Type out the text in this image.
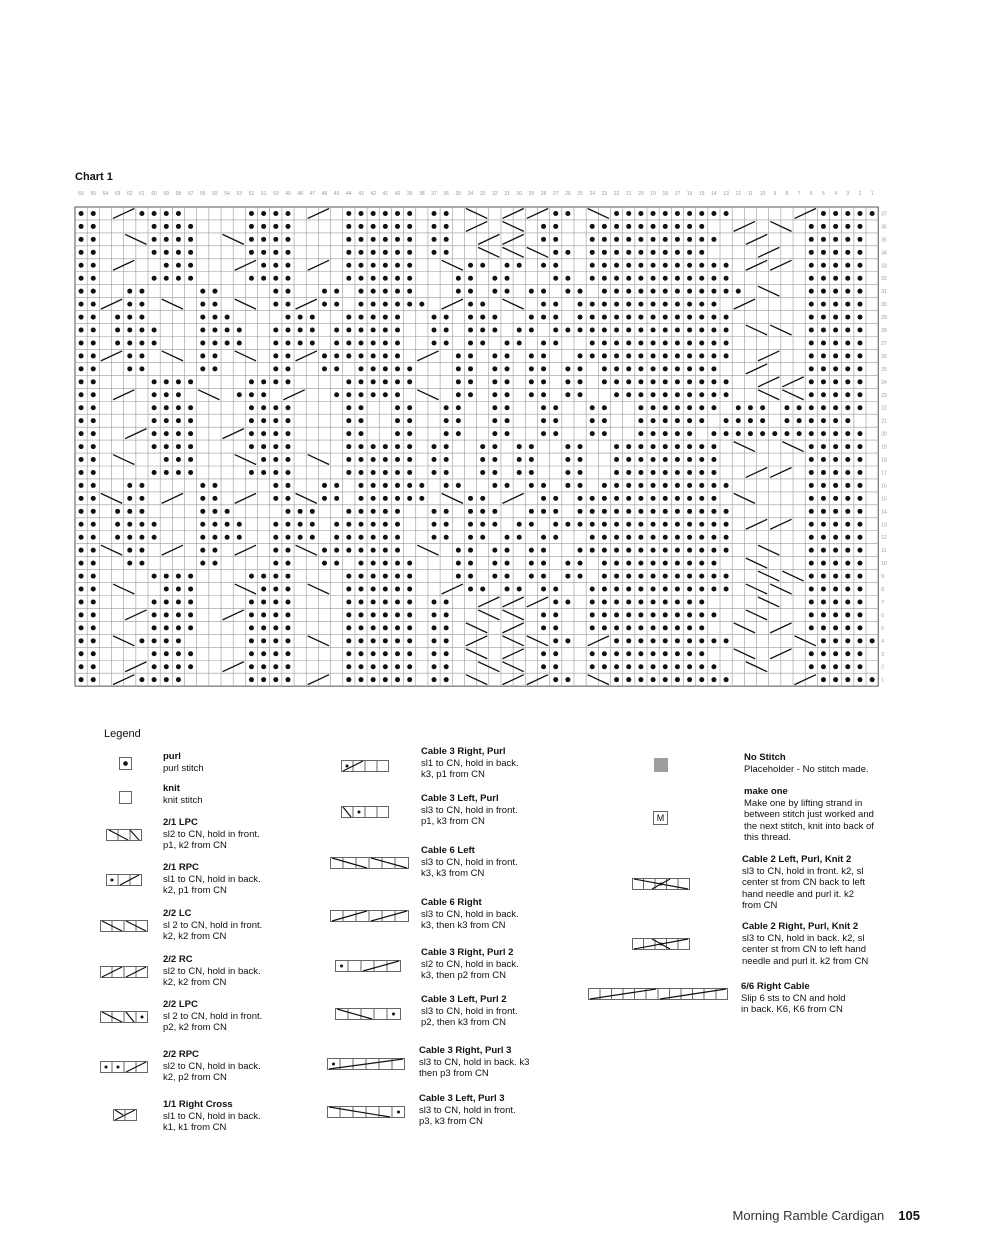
Chart 1
66 65 64 63 62 61 60 59 58 57 56 55 54 53 52 51 50 49 48 47 46 45 44 43 42 41 40 39 38 37 36 35 34 33 32 31 30 29 28 27 26 25 24 23 22 21 20 19 18 17 16 15 14 13 12 11 10 9 8 7 6 5 4 3 2 1
37
36
35
34
33
32
31
30
29
28
27
26
25
24
23
22
21
20
19
18
17
16
15
14
13
12
11
10
9
8
7
6
5
4
3
2
1
Legend
purl
purl stitch
knit
knit stitch
2/1 LPC
sl2 to CN, hold in front.
p1, k2 from CN
2/1 RPC
sl1 to CN, hold in back.
k2, p1 from CN
2/2 LC
sl 2 to CN, hold in front.
k2, k2 from CN
2/2 RC
sl2 to CN, hold in back.
k2, k2 from CN
2/2 LPC
sl 2 to CN, hold in front.
p2, k2 from CN
2/2 RPC
sl2 to CN, hold in back.
k2, p2 from CN
1/1 Right Cross
sl1 to CN, hold in back.
k1, k1 from CN
Cable 3 Right, Purl
sl1 to CN, hold in back.
k3, p1 from CN
Cable 3 Left, Purl
sl3 to CN, hold in front.
p1, k3 from CN
Cable 6 Left
sl3 to CN, hold in front.
k3, k3 from CN
Cable 6 Right
sl3 to CN, hold in back.
k3, then k3 from CN
Cable 3 Right, Purl 2
sl2 to CN, hold in back.
k3, then p2 from CN
Cable 3 Left, Purl 2
sl3 to CN, hold in front.
p2, then k3 from CN
Cable 3 Right, Purl 3
sl3 to CN, hold in back. k3
then p3 from CN
Cable 3 Left, Purl 3
sl3 to CN, hold in front.
p3, k3 from CN
No Stitch
Placeholder - No stitch made.
M
make one
Make one by lifting strand in
between stitch just worked and
the next stitch, knit into back of
this thread.
Cable 2 Left, Purl, Knit 2
sl3 to CN, hold in front. k2, sl
center st from CN back to left
hand needle and purl it. k2
from CN
Cable 2 Right, Purl, Knit 2
sl3 to CN, hold in back. k2, sl
center st from CN to left hand
needle and purl it. k2 from CN
6/6 Right Cable
Slip 6 sts to CN and hold
in back. K6, K6 from CN
Morning Ramble Cardigan 105
